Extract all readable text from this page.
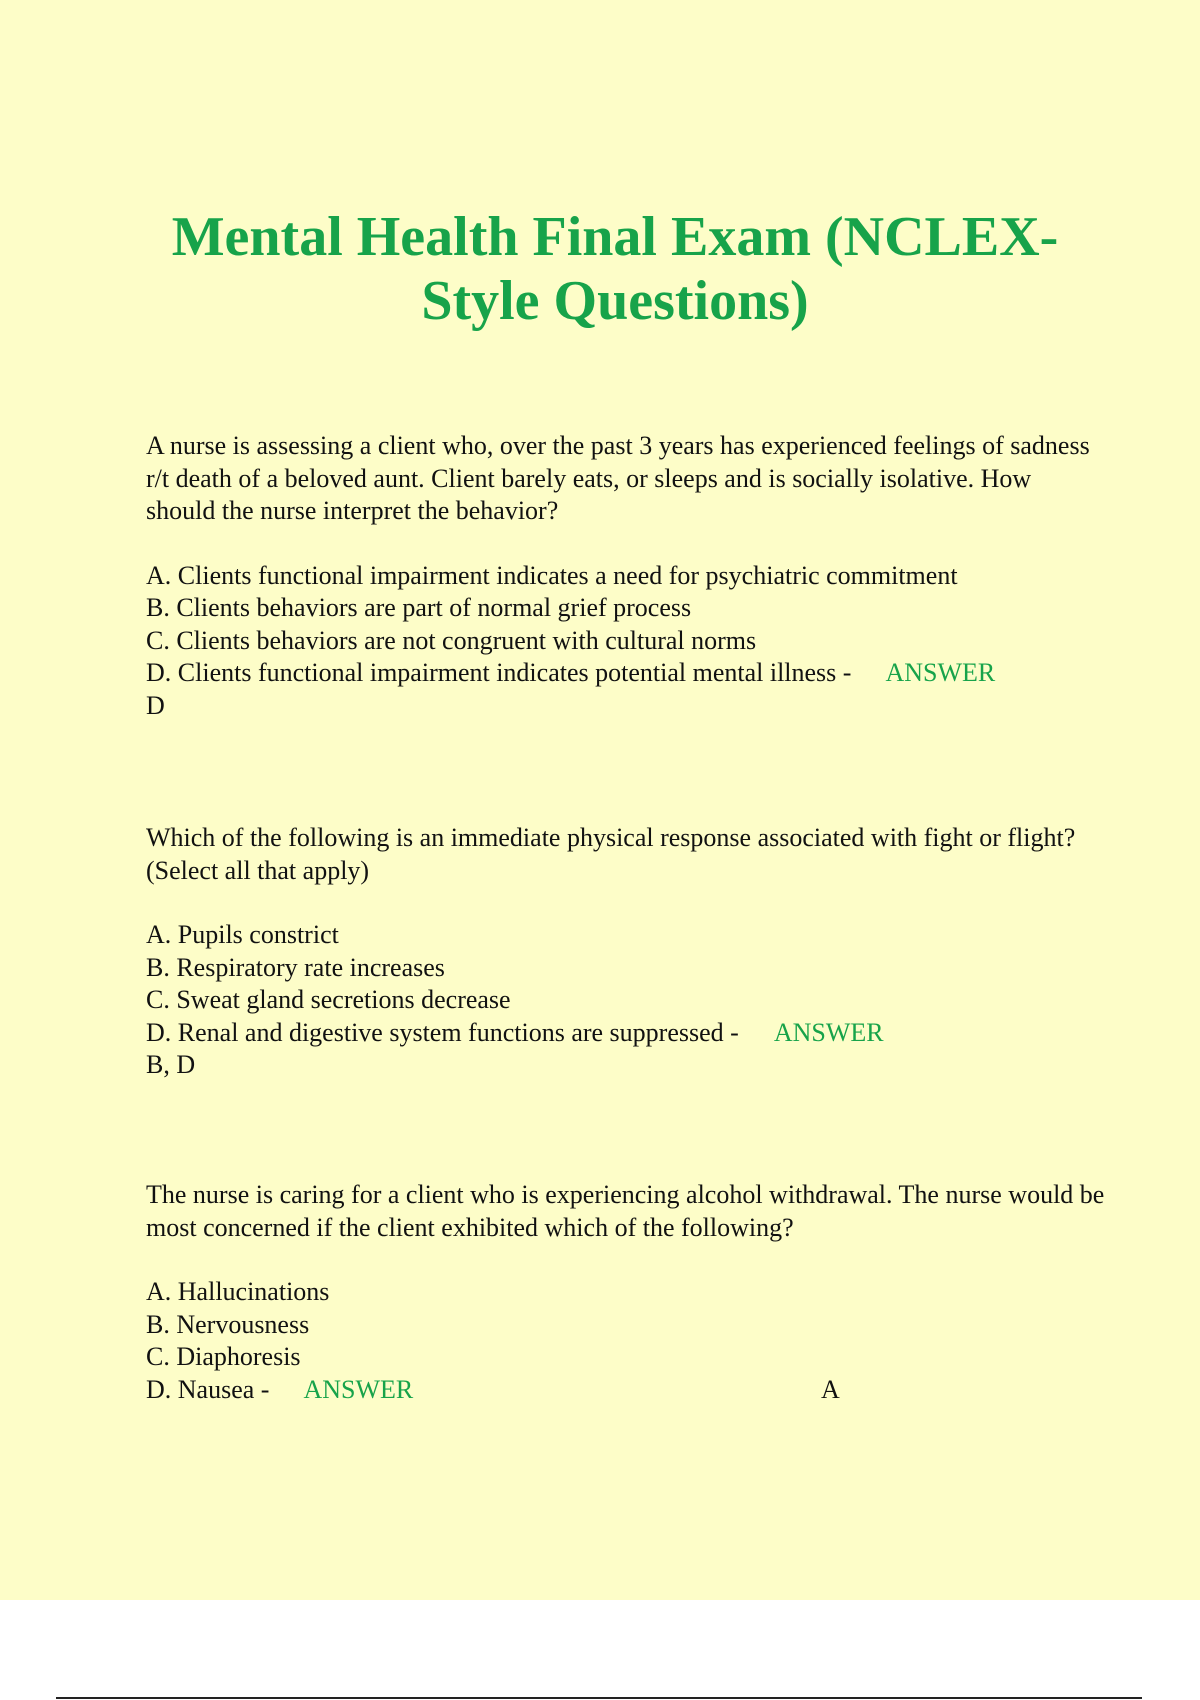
Mental Health Final Exam (NCLEX-Style Questions)

A nurse is assessing a client who, over the past 3 years has experienced feelings of sadness r/t death of a beloved aunt. Client barely eats, or sleeps and is socially isolative. How should the nurse interpret the behavior?

A. Clients functional impairment indicates a need for psychiatric commitment
B. Clients behaviors are part of normal grief process
C. Clients behaviors are not congruent with cultural norms
D. Clients functional impairment indicates potential mental illness - ANSWER
D

Which of the following is an immediate physical response associated with fight or flight? (Select all that apply)

A. Pupils constrict
B. Respiratory rate increases
C. Sweat gland secretions decrease
D. Renal and digestive system functions are suppressed - ANSWER
B, D

The nurse is caring for a client who is experiencing alcohol withdrawal. The nurse would be most concerned if the client exhibited which of the following?

A. Hallucinations
B. Nervousness
C. Diaphoresis
D. Nausea - ANSWER	A
